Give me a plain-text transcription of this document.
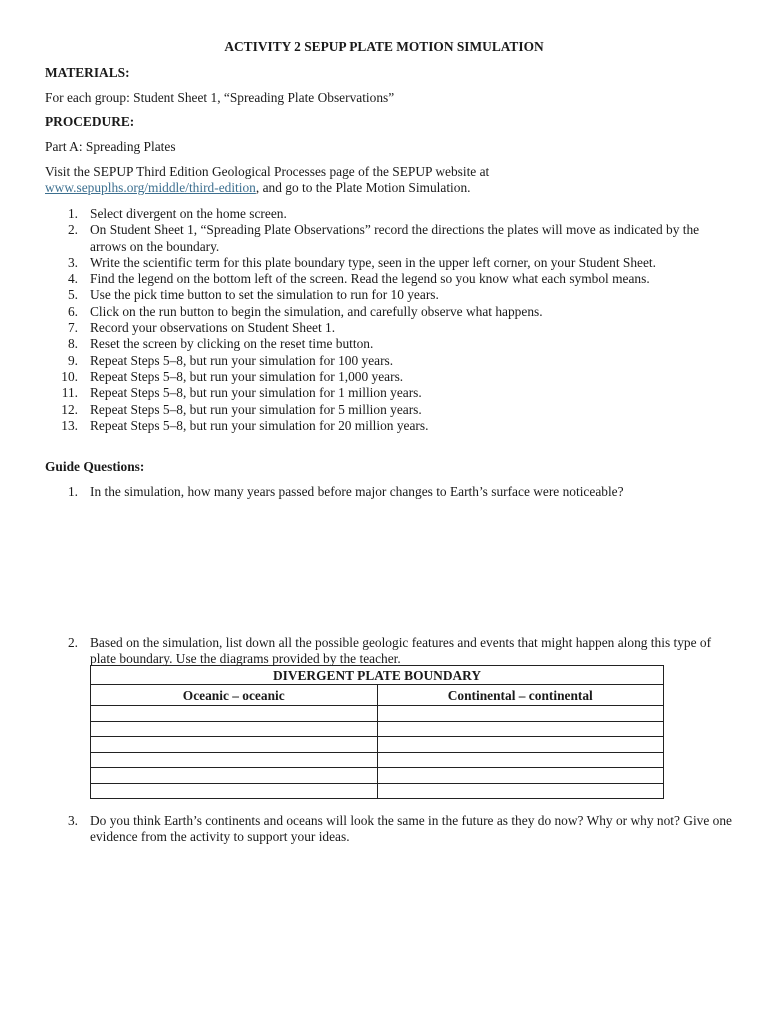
ACTIVITY 2 SEPUP PLATE MOTION SIMULATION

MATERIALS:

For each group: Student Sheet 1, “Spreading Plate Observations”

PROCEDURE:

Part A: Spreading Plates

Visit the SEPUP Third Edition Geological Processes page of the SEPUP website at
www.sepuplhs.org/middle/third-edition, and go to the Plate Motion Simulation.

1. Select divergent on the home screen.
2. On Student Sheet 1, “Spreading Plate Observations” record the directions the plates will move as indicated by the arrows on the boundary.
3. Write the scientific term for this plate boundary type, seen in the upper left corner, on your Student Sheet.
4. Find the legend on the bottom left of the screen. Read the legend so you know what each symbol means.
5. Use the pick time button to set the simulation to run for 10 years.
6. Click on the run button to begin the simulation, and carefully observe what happens.
7. Record your observations on Student Sheet 1.
8. Reset the screen by clicking on the reset time button.
9. Repeat Steps 5–8, but run your simulation for 100 years.
10. Repeat Steps 5–8, but run your simulation for 1,000 years.
11. Repeat Steps 5–8, but run your simulation for 1 million years.
12. Repeat Steps 5–8, but run your simulation for 5 million years.
13. Repeat Steps 5–8, but run your simulation for 20 million years.

Guide Questions:

1. In the simulation, how many years passed before major changes to Earth’s surface were noticeable?

2. Based on the simulation, list down all the possible geologic features and events that might happen along this type of plate boundary. Use the diagrams provided by the teacher.

DIVERGENT PLATE BOUNDARY	
Oceanic – oceanic	Continental – continental

3. Do you think Earth’s continents and oceans will look the same in the future as they do now? Why or why not? Give one evidence from the activity to support your ideas.
